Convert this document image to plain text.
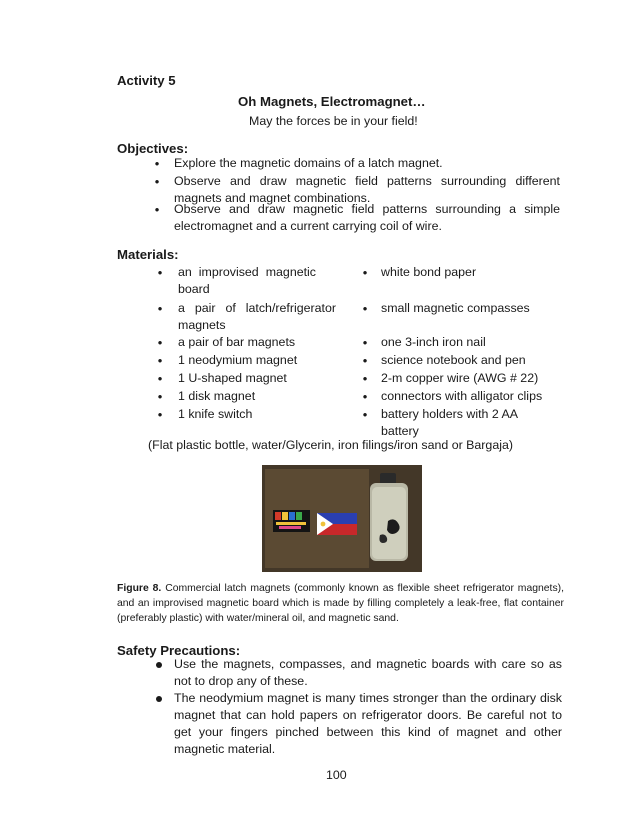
Activity 5
Oh Magnets, Electromagnet…
May the forces be in your field!
Objectives:
• Explore the magnetic domains of a latch magnet.
• Observe and draw magnetic field patterns surrounding different magnets and magnet combinations.
• Observe and draw magnetic field patterns surrounding a simple electromagnet and a current carrying coil of wire.
Materials:
• an improvised magnetic board
• a pair of latch/refrigerator magnets
• a pair of bar magnets
• 1 neodymium magnet
• 1 U-shaped magnet
• 1 disk magnet
• 1 knife switch
• white bond paper
• small magnetic compasses
• one 3-inch iron nail
• science notebook and pen
• 2-m copper wire (AWG # 22)
• connectors with alligator clips
• battery holders with 2 AA battery
(Flat plastic bottle, water/Glycerin, iron filings/iron sand or Bargaja)
Figure 8. Commercial latch magnets (commonly known as flexible sheet refrigerator magnets), and an improvised magnetic board which is made by filling completely a leak-free, flat container (preferably plastic) with water/mineral oil, and magnetic sand.
Safety Precautions:
Use the magnets, compasses, and magnetic boards with care so as not to drop any of these.
The neodymium magnet is many times stronger than the ordinary disk magnet that can hold papers on refrigerator doors. Be careful not to get your fingers pinched between this kind of magnet and other magnetic material.
100
